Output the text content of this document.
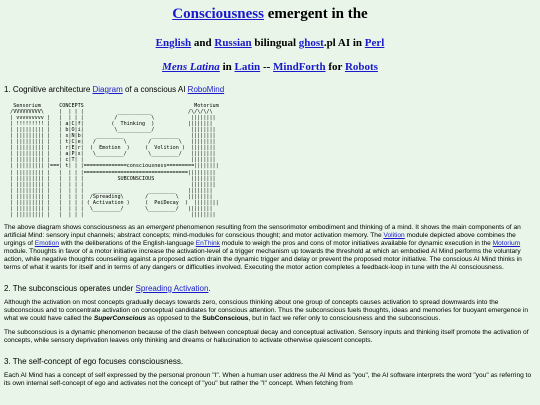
Consciousness emergent in the
English and Russian bilingual ghost.pl AI in Perl
Mens Latina in Latin -- MindForth for Robots
1. Cognitive architecture Diagram of a conscious AI RoboMind
Sensorium      CONCEPTS                                    Motorium
/VVVVVVVVV\     |  | | |           ___________            /\/\/\/\
| vvvvvvvvv |   |  | | |          /           \            ||||||||
| !!!!!!!!! |   | a|C|f|         (  Thinking  )           ||||||||
| ||||||||| |   | b|O|i|          \___________/            ||||||||
| ||||||||| |   | s|N|b|    _________         _________    ||||||||
| ||||||||| |   | t|C|e|   /         \       /         \   ||||||||
| ||||||||| |   | r|E|r|  (  Emotion  )     (  Volition )  ||||||||
| ||||||||| |   | a|P|s|   \_________/       \_________/   ||||||||
| ||||||||| |   | c|T| |                                   ||||||||
| ||||||||| |===| t| | |==============consciousness=========||||||||
| ||||||||| |   |  | | |==================================|||||||||
| ||||||||| |   |  | | |           SUBCONSCIOUS            ||||||||
| ||||||||| |   |  | | |                                   ||||||||
| ||||||||| |   |  | | |   _________         _________    ||||||||
| ||||||||| |   |  | | |  /Spreading\       /         \   ||||||||
| ||||||||| |   |  | | | ( Activation )     (  PeiDecay  )  ||||||||
| ||||||||| |   |  | | |  \_________/       \_________/   ||||||||
| ||||||||| |   |  | | |                                   ||||||||

The above diagram shows consciousness as an emergent phenomenon resulting from the sensorimotor embodiment and thinking of a mind. It shows the main components of an artificial Mind: sensory input channels; abstract concepts; mind-modules for conscious thought; and motor activation memory. The Volition module depicted above combines the urgings of Emotion with the deliberations of the English-language EnThink module to weigh the pros and cons of motor initiatives available for dynamic execution in the Motorium module. Thoughts in favor of a motor initiative increase the activation-level of a trigger mechanism up towards the threshold at which an embodied AI Mind performs the voluntary action, while negative thoughts counseling against a proposed action drain the dynamic trigger and delay or prevent the proposed motor initiative. The conscious AI Mind thinks in terms of what it wants for itself and in terms of any dangers or difficulties involved. Executing the motor action completes a feedback-loop in tune with the AI consciousness.

2. The subconscious operates under Spreading Activation.

Although the activation on most concepts gradually decays towards zero, conscious thinking about one group of concepts causes activation to spread downwards into the subconscious and to concentrate activation on conceptual candidates for conscious attention. Thus the subconscious fuels thoughts, ideas and memories for buoyant emergence in what we could have called the SuperConscious as opposed to the SubConscious, but in fact we refer only to consciousness and the subconscious.

The subconscious is a dynamic phenomenon because of the clash between conceptual decay and conceptual activation. Sensory inputs and thinking itself promote the activation of concepts, while sensory deprivation leaves only thinking and dreams or hallucination to activate otherwise quiescent concepts.

3. The self-concept of ego focuses consciousness.

Each AI Mind has a concept of self expressed by the personal pronoun "I". When a human user address the AI Mind as "you", the AI software interprets the word "you" as referring to its own internal self-concept of ego and activates not the concept of "you" but rather the "I" concept. When fetching from
